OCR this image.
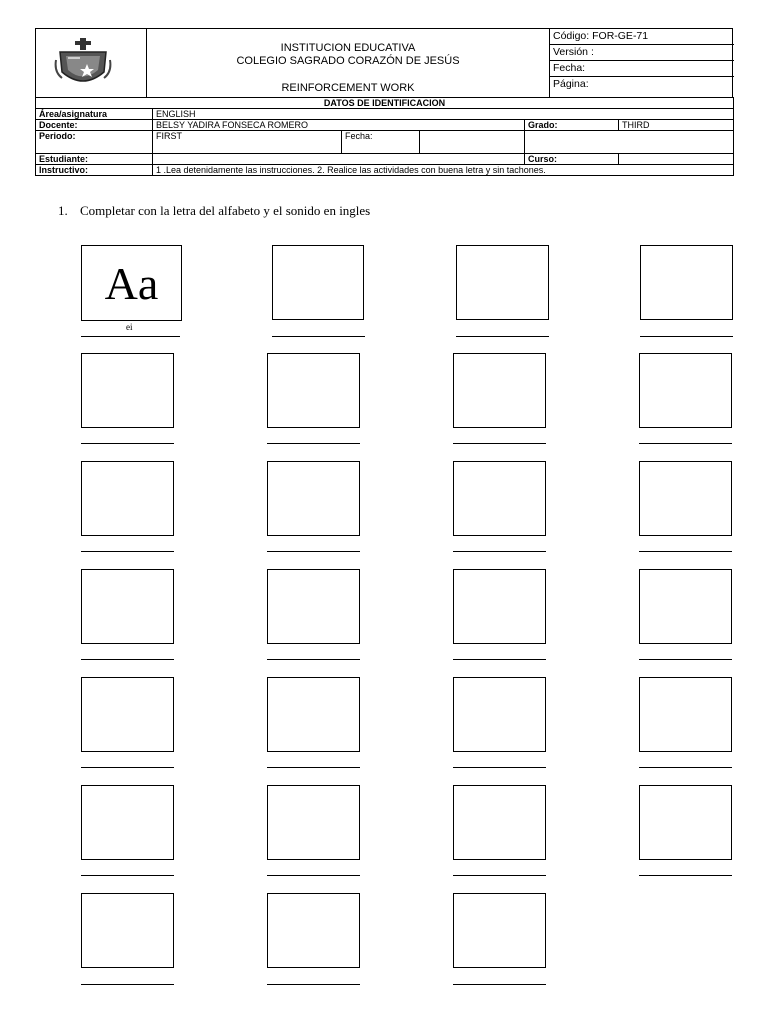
INSTITUCION EDUCATIVA
COLEGIO SAGRADO CORAZÓN DE JESÚS
REINFORCEMENT WORK
Código: FOR-GE-71
Versión :
Fecha:
Página:
DATOS DE IDENTIFICACION					
Área/asignatura	ENGLISH				
Docente:	BELSY YADIRA FONSECA ROMERO			Grado:	THIRD
Periodo:	FIRST	Fecha:			
Estudiante:				Curso:	
Instructivo:	1 .Lea detenidamente las instrucciones. 2. Realice las actividades con buena letra y sin tachones.				
1. Completar con la letra del alfabeto y el sonido en ingles
Aa
ei
